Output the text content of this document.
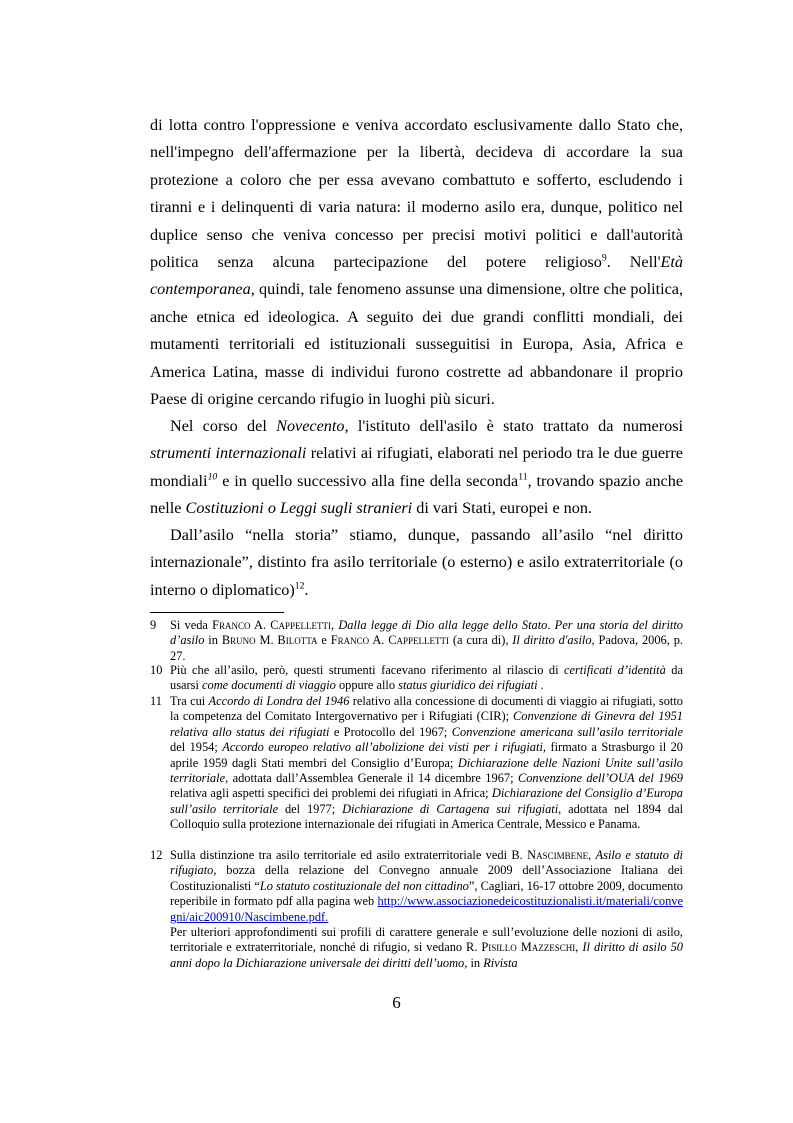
di lotta contro l'oppressione e veniva accordato esclusivamente dallo Stato che, nell'impegno dell'affermazione per la libertà, decideva di accordare la sua protezione a coloro che per essa avevano combattuto e sofferto, escludendo i tiranni e i delinquenti di varia natura: il moderno asilo era, dunque, politico nel duplice senso che veniva concesso per precisi motivi politici e dall'autorità politica senza alcuna partecipazione del potere religioso$^9$. Nell'Età contemporanea, quindi, tale fenomeno assunse una dimensione, oltre che politica, anche etnica ed ideologica. A seguito dei due grandi conflitti mondiali, dei mutamenti territoriali ed istituzionali susseguitisi in Europa, Asia, Africa e America Latina, masse di individui furono costrette ad abbandonare il proprio Paese di origine cercando rifugio in luoghi più sicuri.

Nel corso del Novecento, l'istituto dell'asilo è stato trattato da numerosi strumenti internazionali relativi ai rifugiati, elaborati nel periodo tra le due guerre mondiali$^{10}$ e in quello successivo alla fine della seconda$^{11}$, trovando spazio anche nelle Costituzioni o Leggi sugli stranieri di vari Stati, europei e non.

Dall’asilo “nella storia” stiamo, dunque, passando all’asilo “nel diritto internazionale”, distinto fra asilo territoriale (o esterno) e asilo extraterritoriale (o interno o diplomatico)$^{12}$.

9	Si veda Franco A. Cappelletti, Dalla legge di Dio alla legge dello Stato. Per una storia del diritto d’asilo in Bruno M. Bilotta e Franco A. Cappelletti (a cura di), Il diritto d'asilo, Padova, 2006, p. 27.
10 Più che all’asilo, però, questi strumenti facevano riferimento al rilascio di certificati d’identità da usarsi come documenti di viaggio oppure allo status giuridico dei rifugiati .
11 Tra cui Accordo di Londra del 1946 relativo alla concessione di documenti di viaggio ai rifugiati, sotto la competenza del Comitato Intergovernativo per i Rifugiati (CIR); Convenzione di Ginevra del 1951 relativa allo status dei rifugiati e Protocollo del 1967; Convenzione americana sull’asilo territoriale del 1954; Accordo europeo relativo all’abolizione dei visti per i rifugiati, firmato a Strasburgo il 20 aprile 1959 dagli Stati membri del Consiglio d’Europa; Dichiarazione delle Nazioni Unite sull’asilo territoriale, adottata dall’Assemblea Generale il 14 dicembre 1967; Convenzione dell’OUA del 1969 relativa agli aspetti specifici dei problemi dei rifugiati in Africa; Dichiarazione del Consiglio d’Europa sull’asilo territoriale del 1977; Dichiarazione di Cartagena sui rifugiati, adottata nel 1894 dal Colloquio sulla protezione internazionale dei rifugiati in America Centrale, Messico e Panama.
12 Sulla distinzione tra asilo territoriale ed asilo extraterritoriale vedi B. Nascimbene, Asilo e statuto di rifugiato, bozza della relazione del Convegno annuale 2009 dell’Associazione Italiana dei Costituzionalisti “Lo statuto costituzionale del non cittadino”, Cagliari, 16-17 ottobre 2009, documento reperibile in formato pdf alla pagina web http://www.associazionedeicostituzionalisti.it/materiali/convegni/aic200910/Nascimbene.pdf.
Per ulteriori approfondimenti sui profili di carattere generale e sull’evoluzione delle nozioni di asilo, territoriale e extraterritoriale, nonché di rifugio, si vedano R. Pisillo Mazzeschi, Il diritto di asilo 50 anni dopo la Dichiarazione universale dei diritti dell’uomo, in Rivista
6
